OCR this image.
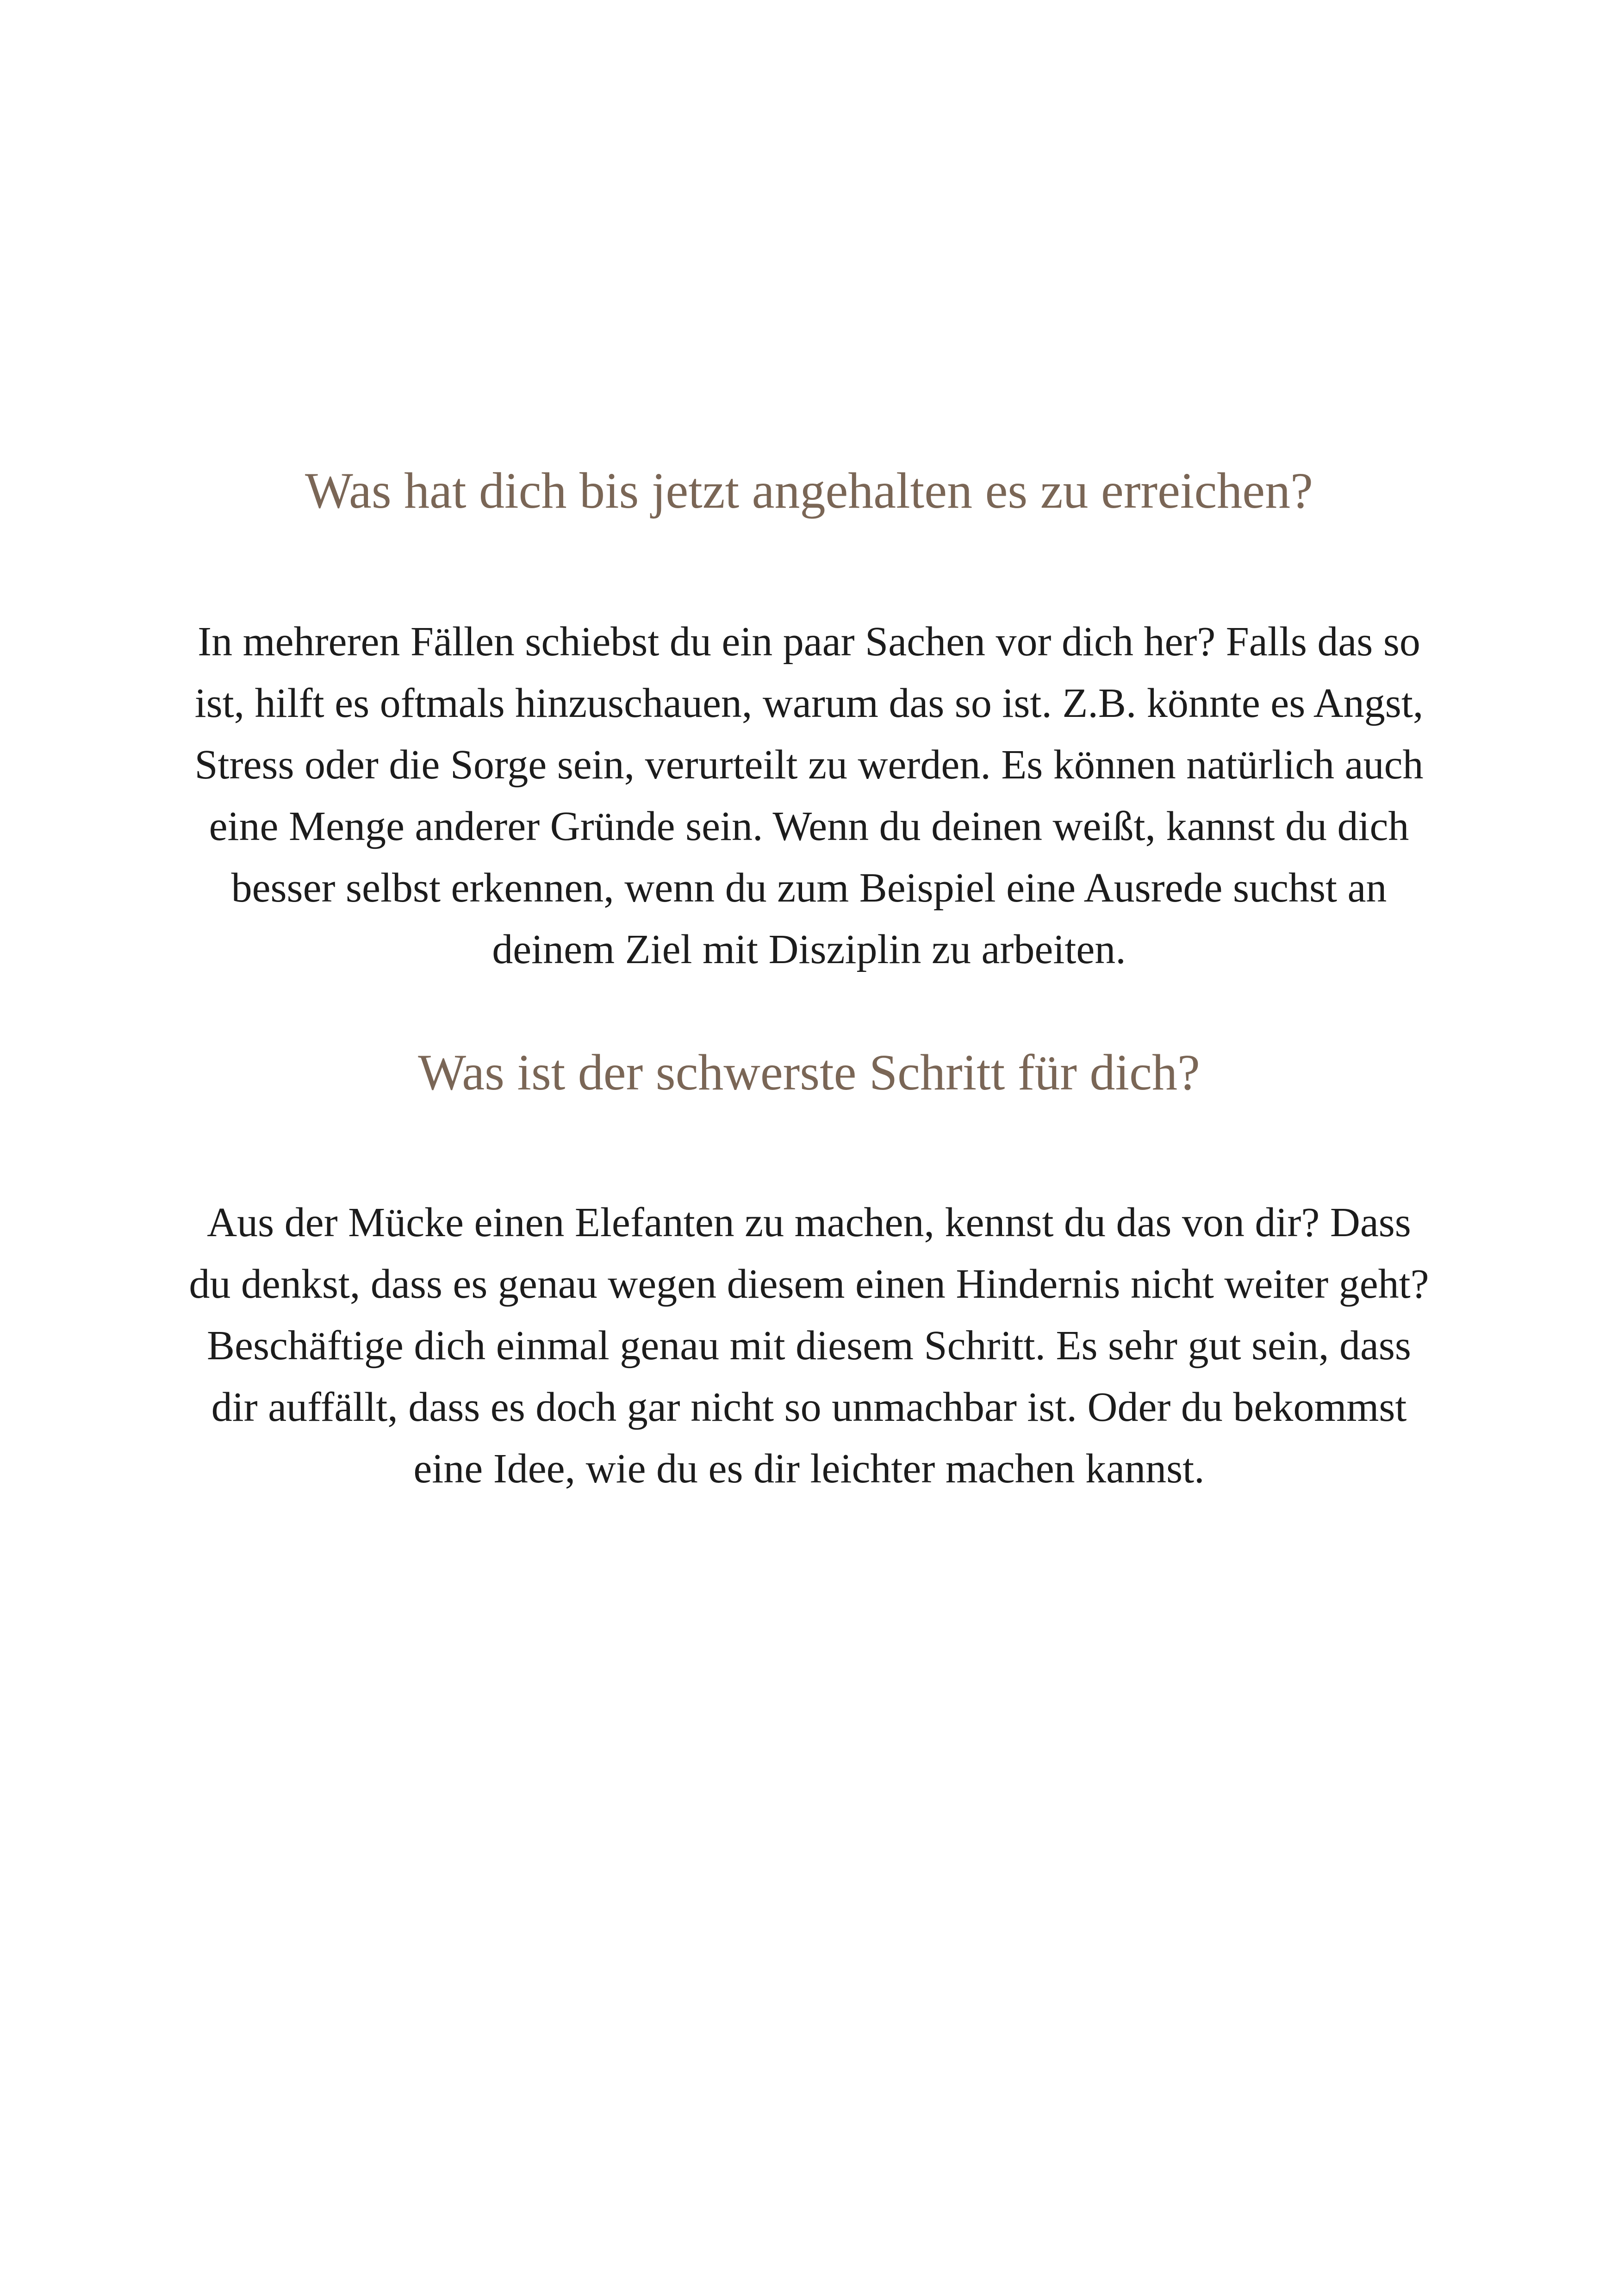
Was hat dich bis jetzt angehalten es zu erreichen?
In mehreren Fällen schiebst du ein paar Sachen vor dich her? Falls das so
ist, hilft es oftmals hinzuschauen, warum das so ist. Z.B. könnte es Angst,
Stress oder die Sorge sein, verurteilt zu werden. Es können natürlich auch
eine Menge anderer Gründe sein. Wenn du deinen weißt, kannst du dich
besser selbst erkennen, wenn du zum Beispiel eine Ausrede suchst an
deinem Ziel mit Disziplin zu arbeiten.
Was ist der schwerste Schritt für dich?
Aus der Mücke einen Elefanten zu machen, kennst du das von dir? Dass
du denkst, dass es genau wegen diesem einen Hindernis nicht weiter geht?
Beschäftige dich einmal genau mit diesem Schritt. Es sehr gut sein, dass
dir auffällt, dass es doch gar nicht so unmachbar ist. Oder du bekommst
eine Idee, wie du es dir leichter machen kannst.
